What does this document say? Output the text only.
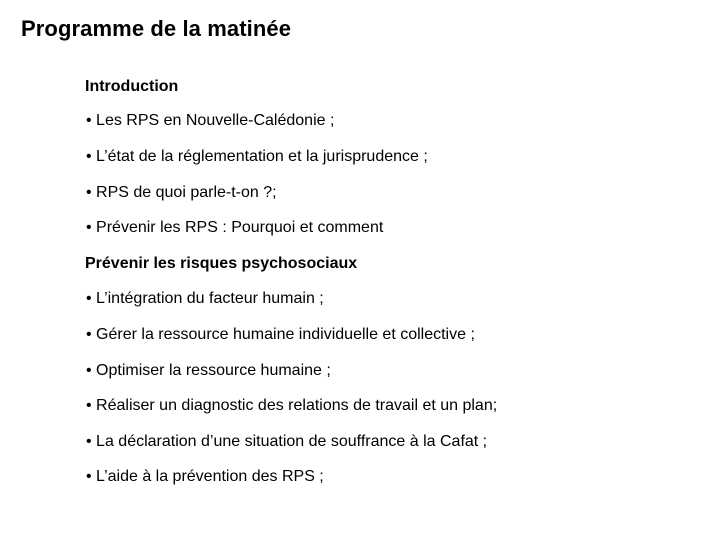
Programme de la matinée
Introduction
• Les RPS en Nouvelle-Calédonie ;
• L’état de la réglementation et la jurisprudence ;
• RPS de quoi parle-t-on ?;
• Prévenir les RPS : Pourquoi et comment
Prévenir les risques psychosociaux
• L’intégration du facteur humain ;
• Gérer la ressource humaine individuelle et collective ;
• Optimiser la ressource humaine ;
• Réaliser un diagnostic des relations de travail et un plan;
• La déclaration d’une situation de souffrance à la Cafat ;
• L’aide à la prévention des RPS ;
